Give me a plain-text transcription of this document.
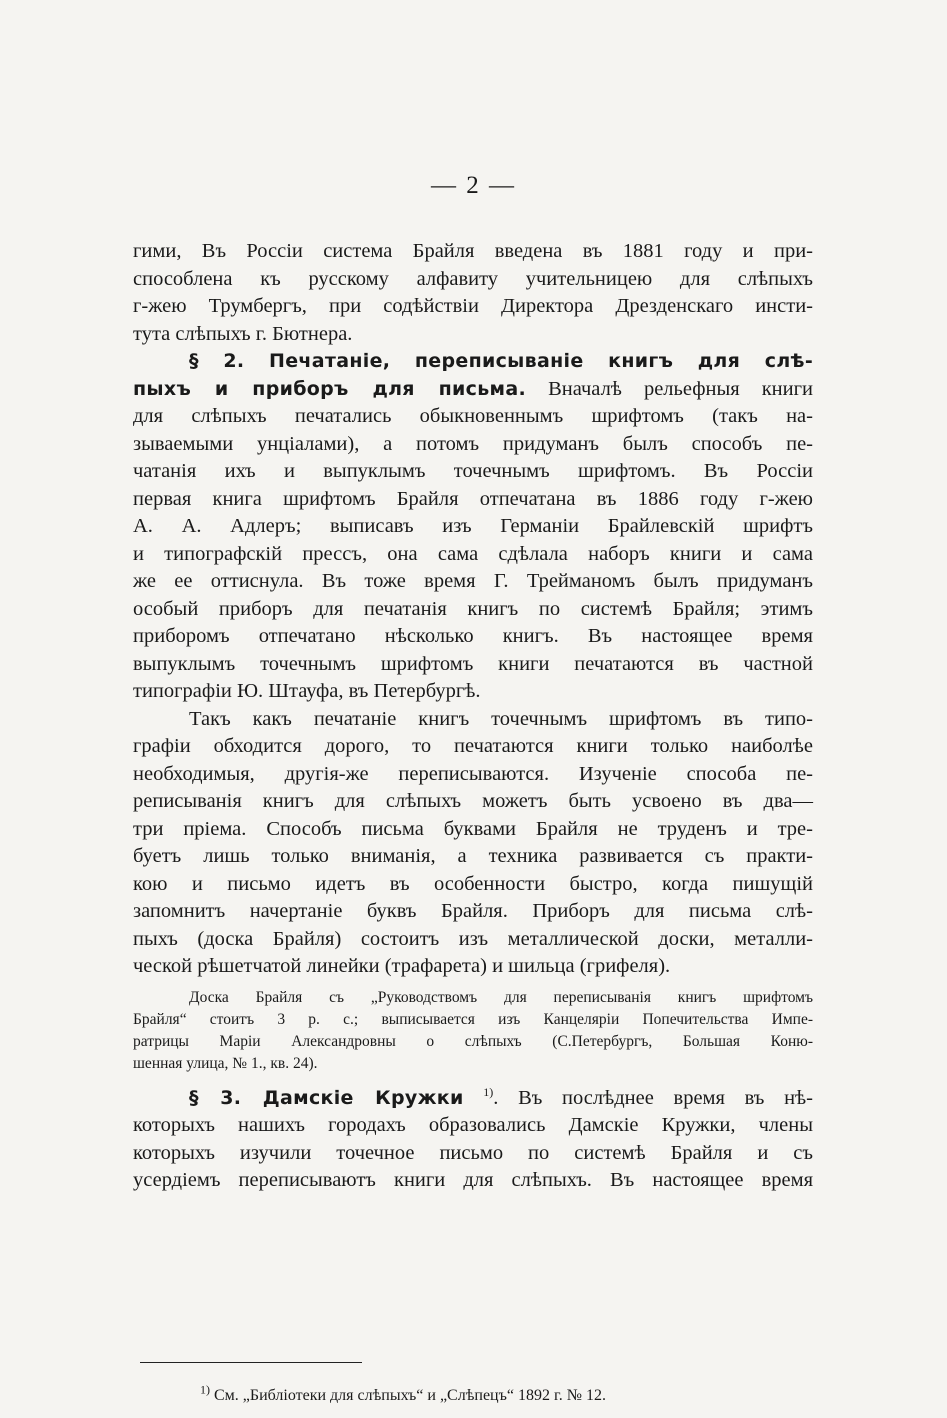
— 2 —
гими, Въ Россіи система Брайля введена въ 1881 году и при-
способлена къ русскому алфавиту учительницею для слѣпыхъ
г-жею Трумбергъ, при содѣйствіи Директора Дрезденскаго инсти-
тута слѣпыхъ г. Бютнера.
§ 2. Печатаніе, переписываніе книгъ для слѣ-
пыхъ и приборъ для письма. Вначалѣ рельефныя книги
для слѣпыхъ печатались обыкновеннымъ шрифтомъ (такъ на-
зываемыми унціалами), а потомъ придуманъ былъ способъ пе-
чатанія ихъ и выпуклымъ точечнымъ шрифтомъ. Въ Россіи
первая книга шрифтомъ Брайля отпечатана въ 1886 году г-жею
А. А. Адлеръ; выписавъ изъ Германіи Брайлевскій шрифтъ
и типографскій прессъ, она сама сдѣлала наборъ книги и сама
же ее оттиснула. Въ тоже время Г. Трейманомъ былъ придуманъ
особый приборъ для печатанія книгъ по системѣ Брайля; этимъ
приборомъ отпечатано нѣсколько книгъ. Въ настоящее время
выпуклымъ точечнымъ шрифтомъ книги печатаются въ частной
типографіи Ю. Штауфа, въ Петербургѣ.
Такъ какъ печатаніе книгъ точечнымъ шрифтомъ въ типо-
графіи обходится дорого, то печатаются книги только наиболѣе
необходимыя, другія-же переписываются. Изученіе способа пе-
реписыванія книгъ для слѣпыхъ можетъ быть усвоено въ два—
три пріема. Способъ письма буквами Брайля не труденъ и тре-
буетъ лишь только вниманія, а техника развивается съ практи-
кою и письмо идетъ въ особенности быстро, когда пишущій
запомнитъ начертаніе буквъ Брайля. Приборъ для письма слѣ-
пыхъ (доска Брайля) состоитъ изъ металлической доски, металли-
ческой рѣшетчатой линейки (трафарета) и шильца (грифеля).
Доска Брайля съ „Руководствомъ для переписыванія книгъ шрифтомъ
Брайля“ стоитъ 3 р. с.; выписывается изъ Канцеляріи Попечительства Импе-
ратрицы Маріи Александровны о слѣпыхъ (С.Петербургъ, Большая Коню-
шенная улица, № 1., кв. 24).
§ 3. Дамскіе Кружки $^{1)}$. Въ послѣднее время въ нѣ-
которыхъ нашихъ городахъ образовались Дамскіе Кружки, члены
которыхъ изучили точечное письмо по системѣ Брайля и съ
усердіемъ переписываютъ книги для слѣпыхъ. Въ настоящее время
$^{1)}$ См. „Библіотеки для слѣпыхъ“ и „Слѣпецъ“ 1892 г. № 12.
